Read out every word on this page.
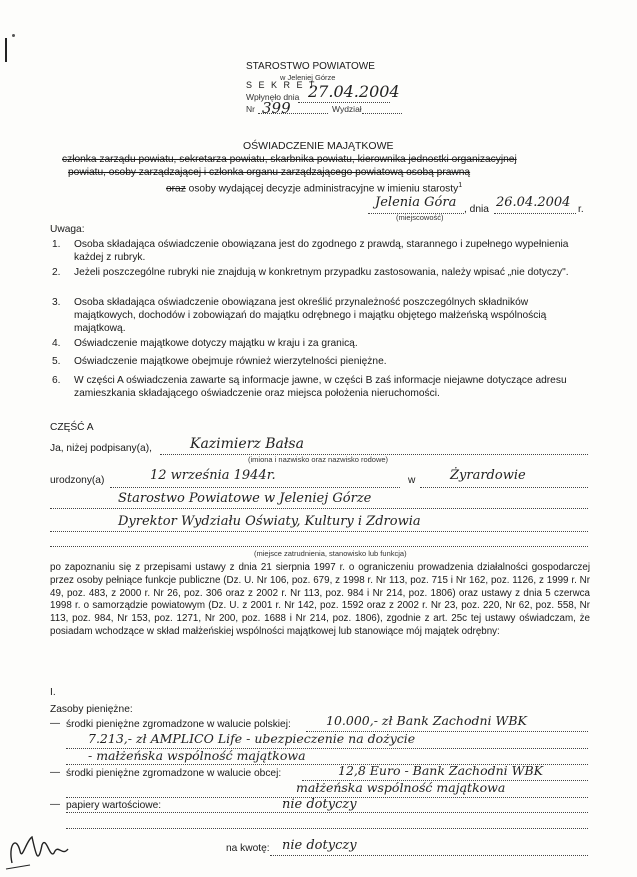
STAROSTWO POWIATOWE
w Jeleniej Górze
S E K R E T
Wpłynęło dnia 27.04.2004
Nr 399	Wydział
OŚWIADCZENIE MAJĄTKOWE
członka zarządu powiatu, sekretarza powiatu, skarbnika powiatu, kierownika jednostki organizacyjnej
powiatu, osoby zarządzającej i członka organu zarządzającego powiatową osobą prawną
oraz osoby wydającej decyzje administracyjne w imieniu starosty$^1$
Jelenia Góra , dnia 26.04.2004 r.
(miejscowość)
Uwaga:
1.	Osoba składająca oświadczenie obowiązana jest do zgodnego z prawdą, starannego i zupełnego wypełnienia każdej z rubryk.
2.	Jeżeli poszczególne rubryki nie znajdują w konkretnym przypadku zastosowania, należy wpisać „nie dotyczy".
3.	Osoba składająca oświadczenie obowiązana jest określić przynależność poszczególnych składników majątkowych, dochodów i zobowiązań do majątku odrębnego i majątku objętego małżeńską wspólnością majątkową.
4.	Oświadczenie majątkowe dotyczy majątku w kraju i za granicą.
5.	Oświadczenie majątkowe obejmuje również wierzytelności pieniężne.
6.	W części A oświadczenia zawarte są informacje jawne, w części B zaś informacje niejawne dotyczące adresu zamieszkania składającego oświadczenie oraz miejsca położenia nieruchomości.
CZĘŚĆ A
Ja, niżej podpisany(a),	Kazimierz Bałsa
(imiona i nazwisko oraz nazwisko rodowe)
urodzony(a)	12 września 1944r.	w	Żyrardowie
Starostwo Powiatowe w Jeleniej Górze
Dyrektor Wydziału Oświaty, Kultury i Zdrowia
(miejsce zatrudnienia, stanowisko lub funkcja)
po zapoznaniu się z przepisami ustawy z dnia 21 sierpnia 1997 r. o ograniczeniu prowadzenia działalności gospodarczej przez osoby pełniące funkcje publiczne (Dz. U. Nr 106, poz. 679, z 1998 r. Nr 113, poz. 715 i Nr 162, poz. 1126, z 1999 r. Nr 49, poz. 483, z 2000 r. Nr 26, poz. 306 oraz z 2002 r. Nr 113, poz. 984 i Nr 214, poz. 1806) oraz ustawy z dnia 5 czerwca 1998 r. o samorządzie powiatowym (Dz. U. z 2001 r. Nr 142, poz. 1592 oraz z 2002 r. Nr 23, poz. 220, Nr 62, poz. 558, Nr 113, poz. 984, Nr 153, poz. 1271, Nr 200, poz. 1688 i Nr 214, poz. 1806), zgodnie z art. 25c tej ustawy oświadczam, że posiadam wchodzące w skład małżeńskiej wspólności majątkowej lub stanowiące mój majątek odrębny:
I.
Zasoby pieniężne:
— środki pieniężne zgromadzone w walucie polskiej:	10.000,- zł Bank Zachodni WBK
7.213,- zł AMPLICO Life - ubezpieczenie na dożycie
- małżeńska wspólność majątkowa
— środki pieniężne zgromadzone w walucie obcej:	12,8 Euro - Bank Zachodni WBK
małżeńska wspólność majątkowa
— papiery wartościowe:	nie dotyczy
na kwotę: nie dotyczy
